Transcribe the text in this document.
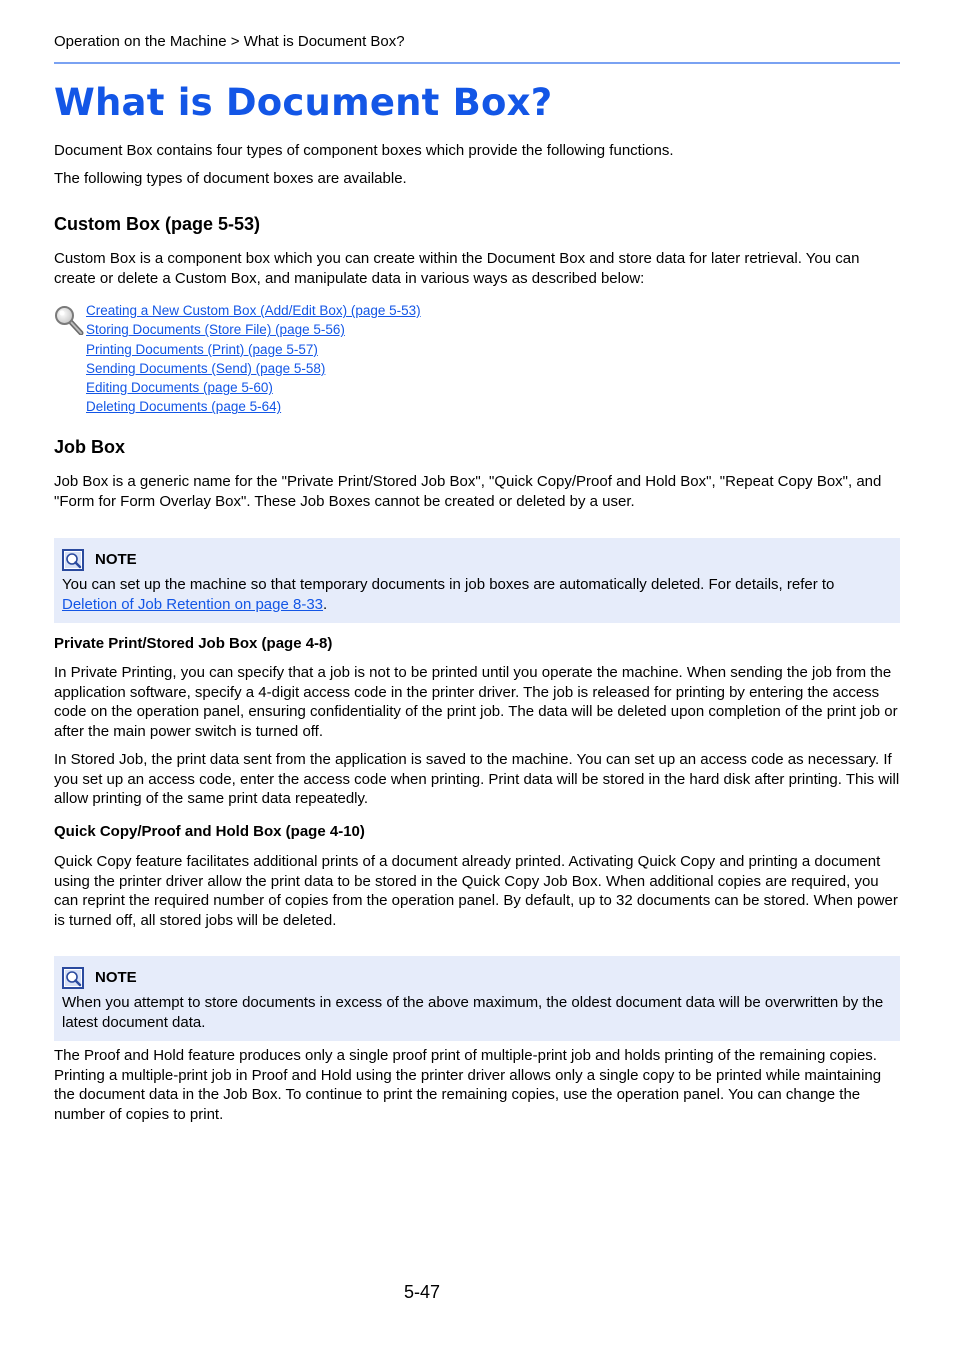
Operation on the Machine > What is Document Box?
What is Document Box?

Document Box contains four types of component boxes which provide the following functions.

The following types of document boxes are available.

Custom Box (page 5-53)

Custom Box is a component box which you can create within the Document Box and store data for later retrieval. You can create or delete a Custom Box, and manipulate data in various ways as described below:

Creating a New Custom Box (Add/Edit Box) (page 5-53)
Storing Documents (Store File) (page 5-56)
Printing Documents (Print) (page 5-57)
Sending Documents (Send) (page 5-58)
Editing Documents (page 5-60)
Deleting Documents (page 5-64)
Job Box

Job Box is a generic name for the "Private Print/Stored Job Box", "Quick Copy/Proof and Hold Box", "Repeat Copy Box", and "Form for Form Overlay Box". These Job Boxes cannot be created or deleted by a user.

NOTE

You can set up the machine so that temporary documents in job boxes are automatically deleted. For details, refer to Deletion of Job Retention on page 8-33.

Private Print/Stored Job Box (page 4-8)

In Private Printing, you can specify that a job is not to be printed until you operate the machine. When sending the job from the application software, specify a 4-digit access code in the printer driver. The job is released for printing by entering the access code on the operation panel, ensuring confidentiality of the print job. The data will be deleted upon completion of the print job or after the main power switch is turned off.

In Stored Job, the print data sent from the application is saved to the machine. You can set up an access code as necessary. If you set up an access code, enter the access code when printing. Print data will be stored in the hard disk after printing. This will allow printing of the same print data repeatedly.

Quick Copy/Proof and Hold Box (page 4-10)

Quick Copy feature facilitates additional prints of a document already printed. Activating Quick Copy and printing a document using the printer driver allow the print data to be stored in the Quick Copy Job Box. When additional copies are required, you can reprint the required number of copies from the operation panel. By default, up to 32 documents can be stored. When power is turned off, all stored jobs will be deleted.

NOTE

When you attempt to store documents in excess of the above maximum, the oldest document data will be overwritten by the latest document data.

The Proof and Hold feature produces only a single proof print of multiple-print job and holds printing of the remaining copies. Printing a multiple-print job in Proof and Hold using the printer driver allows only a single copy to be printed while maintaining the document data in the Job Box. To continue to print the remaining copies, use the operation panel. You can change the number of copies to print.

5-47
